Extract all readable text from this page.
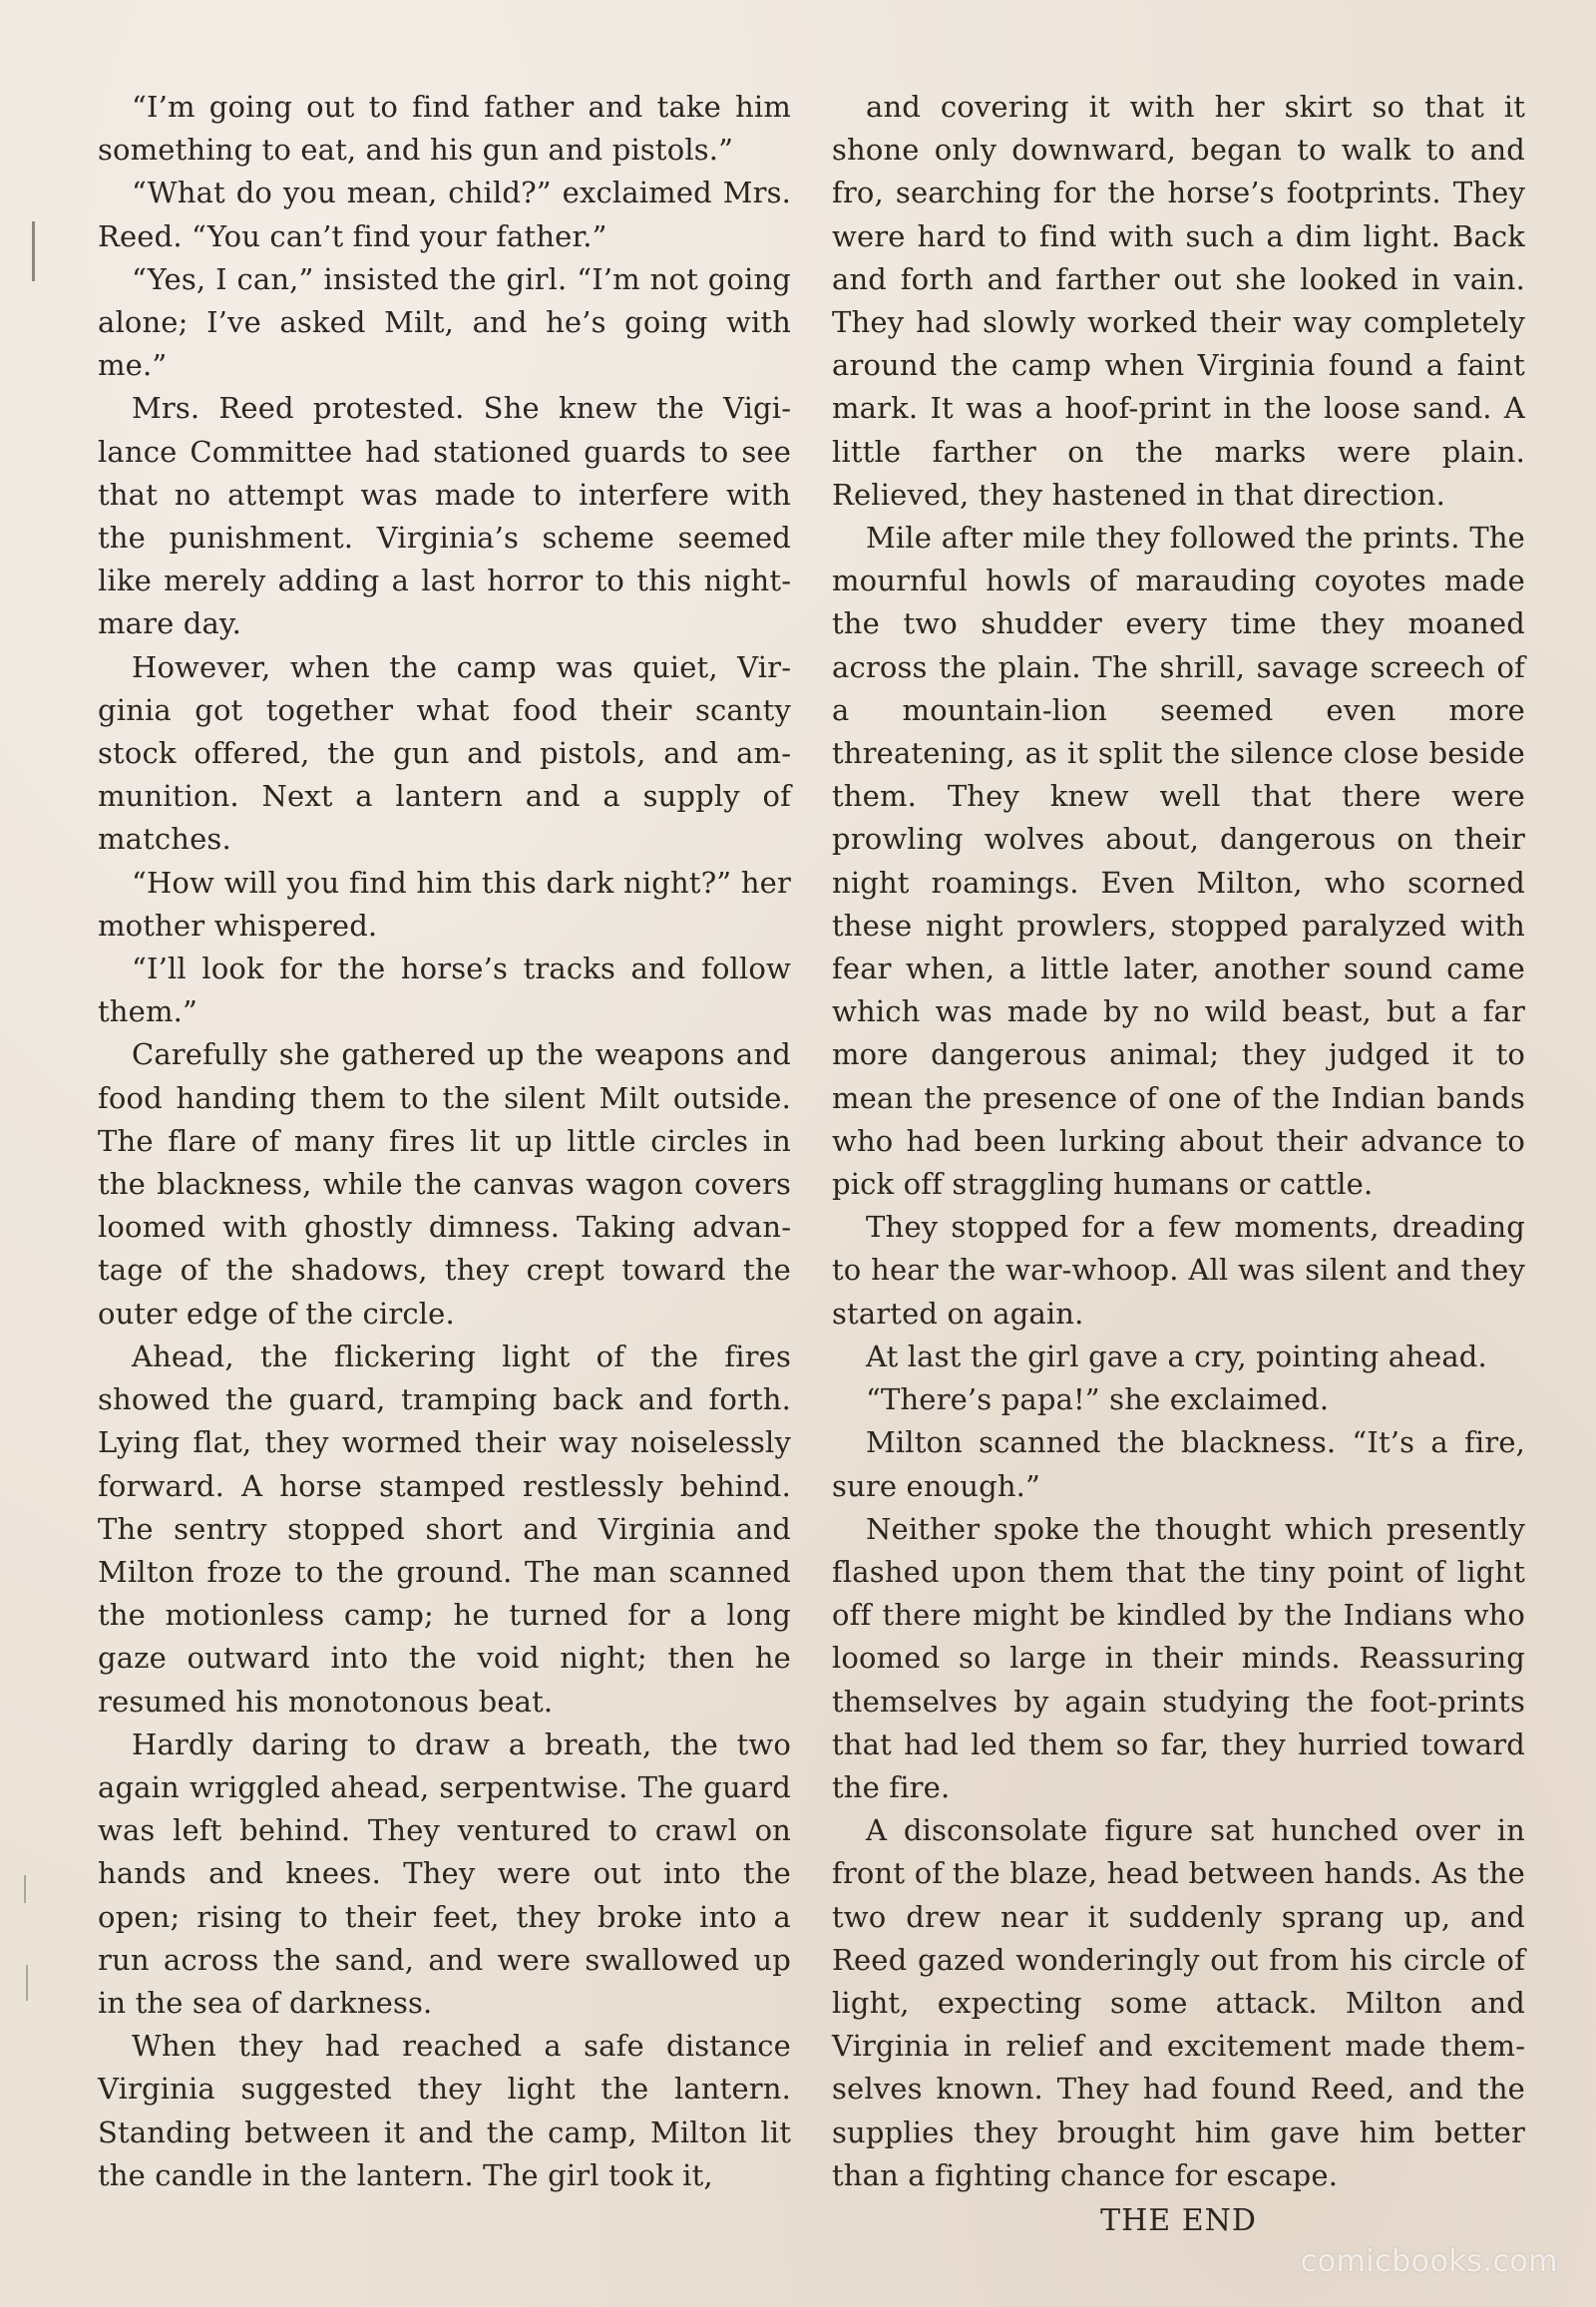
“I’m going out to find father and take him something to eat, and his gun and pistols.”

“What do you mean, child?” exclaimed Mrs. Reed. “You can’t find your father.”

“Yes, I can,” insisted the girl. “I’m not going alone; I’ve asked Milt, and he’s going with me.”

Mrs. Reed protested. She knew the Vigilance Committee had stationed guards to see that no attempt was made to interfere with the punishment. Virginia’s scheme seemed like merely adding a last horror to this nightmare day.

However, when the camp was quiet, Virginia got together what food their scanty stock offered, the gun and pistols, and ammunition. Next a lantern and a supply of matches.

“How will you find him this dark night?” her mother whispered.

“I’ll look for the horse’s tracks and follow them.”

Carefully she gathered up the weapons and food handing them to the silent Milt outside. The flare of many fires lit up little circles in the blackness, while the canvas wagon covers loomed with ghostly dimness. Taking advantage of the shadows, they crept toward the outer edge of the circle.

Ahead, the flickering light of the fires showed the guard, tramping back and forth. Lying flat, they wormed their way noiselessly forward. A horse stamped restlessly behind. The sentry stopped short and Virginia and Milton froze to the ground. The man scanned the motionless camp; he turned for a long gaze outward into the void night; then he resumed his monotonous beat.

Hardly daring to draw a breath, the two again wriggled ahead, serpentwise. The guard was left behind. They ventured to crawl on hands and knees. They were out into the open; rising to their feet, they broke into a run across the sand, and were swallowed up in the sea of darkness.

When they had reached a safe distance Virginia suggested they light the lantern. Standing between it and the camp, Milton lit the candle in the lantern. The girl took it,

and covering it with her skirt so that it shone only downward, began to walk to and fro, searching for the horse’s footprints. They were hard to find with such a dim light. Back and forth and farther out she looked in vain. They had slowly worked their way completely around the camp when Virginia found a faint mark. It was a hoof-print in the loose sand. A little farther on the marks were plain. Relieved, they hastened in that direction.

Mile after mile they followed the prints. The mournful howls of marauding coyotes made the two shudder every time they moaned across the plain. The shrill, savage screech of a mountain-lion seemed even more threatening, as it split the silence close beside them. They knew well that there were prowling wolves about, dangerous on their night roamings. Even Milton, who scorned these night prowlers, stopped paralyzed with fear when, a little later, another sound came which was made by no wild beast, but a far more dangerous animal; they judged it to mean the presence of one of the Indian bands who had been lurking about their advance to pick off straggling humans or cattle.

They stopped for a few moments, dreading to hear the war-whoop. All was silent and they started on again.

At last the girl gave a cry, pointing ahead.

“There’s papa!” she exclaimed.

Milton scanned the blackness. “It’s a fire, sure enough.”

Neither spoke the thought which presently flashed upon them that the tiny point of light off there might be kindled by the Indians who loomed so large in their minds. Reassuring themselves by again studying the foot-prints that had led them so far, they hurried toward the fire.

A disconsolate figure sat hunched over in front of the blaze, head between hands. As the two drew near it suddenly sprang up, and Reed gazed wonderingly out from his circle of light, expecting some attack. Milton and Virginia in relief and excitement made themselves known. They had found Reed, and the supplies they brought him gave him better than a fighting chance for escape.

THE END

comicbooks.com
